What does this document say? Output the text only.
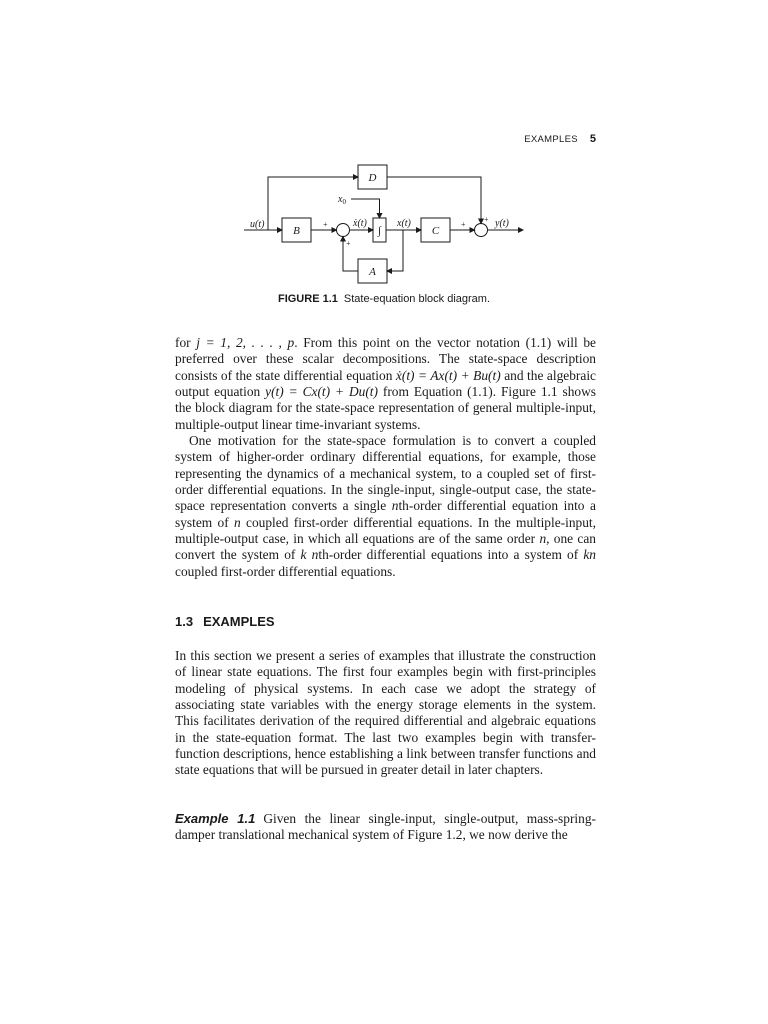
EXAMPLES 5
D
B	C
A
∫
u(t)
$x_0$
ẋ(t)	x(t)	y(t)
+
+
+
+
FIGURE 1.1 State-equation block diagram.

for j = 1, 2, . . . , p. From this point on the vector notation (1.1) will be preferred over these scalar decompositions. The state-space description consists of the state differential equation ẋ(t) = Ax(t) + Bu(t) and the algebraic output equation y(t) = Cx(t) + Du(t) from Equation (1.1). Figure 1.1 shows the block diagram for the state-space representation of general multiple-input, multiple-output linear time-invariant systems.

One motivation for the state-space formulation is to convert a coupled system of higher-order ordinary differential equations, for example, those representing the dynamics of a mechanical system, to a coupled set of first-order differential equations. In the single-input, single-output case, the state-space representation converts a single nth-order differential equation into a system of n coupled first-order differential equations. In the multiple-input, multiple-output case, in which all equations are of the same order n, one can convert the system of k nth-order differential equations into a system of kn coupled first-order differential equations.

1.3 EXAMPLES

In this section we present a series of examples that illustrate the construction of linear state equations. The first four examples begin with first-principles modeling of physical systems. In each case we adopt the strategy of associating state variables with the energy storage elements in the system. This facilitates derivation of the required differential and algebraic equations in the state-equation format. The last two examples begin with transfer-function descriptions, hence establishing a link between transfer functions and state equations that will be pursued in greater detail in later chapters.

Example 1.1 Given the linear single-input, single-output, mass-spring-damper translational mechanical system of Figure 1.2, we now derive the
